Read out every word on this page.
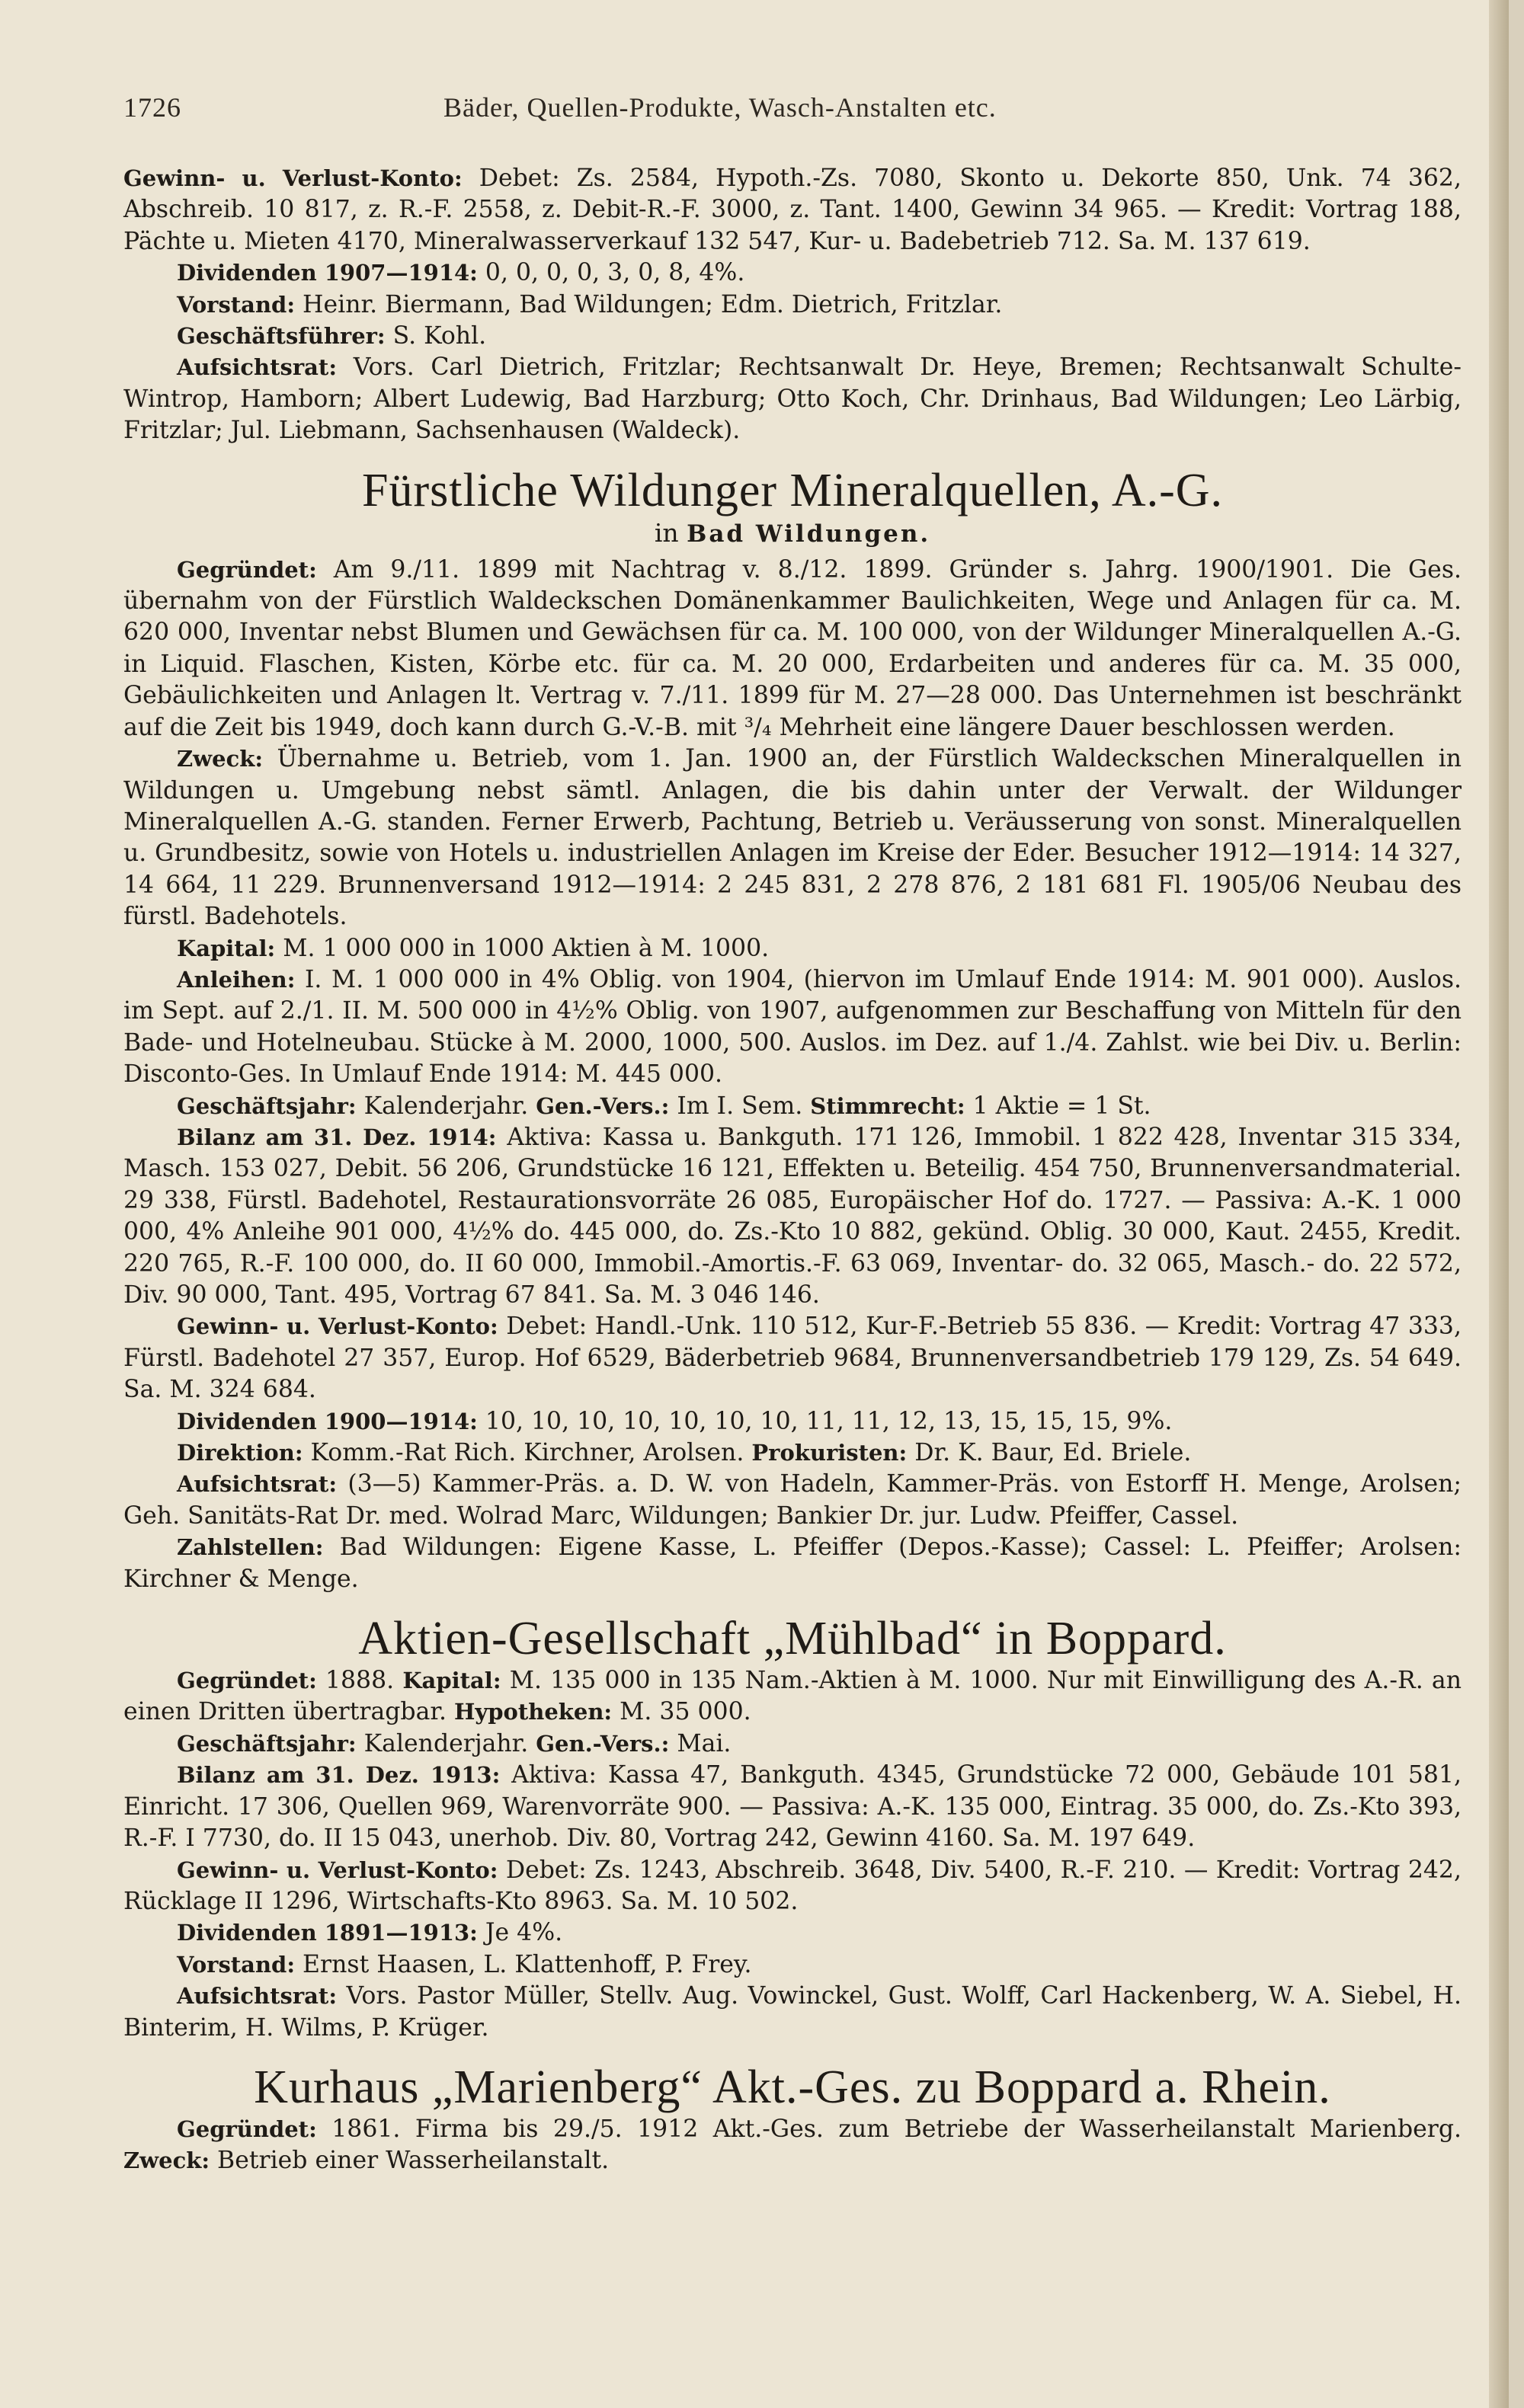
1726	Bäder, Quellen-Produkte, Wasch-Anstalten etc.

Gewinn- u. Verlust-Konto: Debet: Zs. 2584, Hypoth.-Zs. 7080, Skonto u. Dekorte 850, Unk. 74 362, Abschreib. 10 817, z. R.-F. 2558, z. Debit-R.-F. 3000, z. Tant. 1400, Gewinn 34 965. — Kredit: Vortrag 188, Pächte u. Mieten 4170, Mineralwasserverkauf 132 547, Kur- u. Badebetrieb 712. Sa. M. 137 619.

Dividenden 1907—1914: 0, 0, 0, 0, 3, 0, 8, 4%.

Vorstand: Heinr. Biermann, Bad Wildungen; Edm. Dietrich, Fritzlar.

Geschäftsführer: S. Kohl.

Aufsichtsrat: Vors. Carl Dietrich, Fritzlar; Rechtsanwalt Dr. Heye, Bremen; Rechtsanwalt Schulte-Wintrop, Hamborn; Albert Ludewig, Bad Harzburg; Otto Koch, Chr. Drinhaus, Bad Wildungen; Leo Lärbig, Fritzlar; Jul. Liebmann, Sachsenhausen (Waldeck).

Fürstliche Wildunger Mineralquellen, A.-G.
in Bad Wildungen.

Gegründet: Am 9./11. 1899 mit Nachtrag v. 8./12. 1899. Gründer s. Jahrg. 1900/1901. Die Ges. übernahm von der Fürstlich Waldeckschen Domänenkammer Baulichkeiten, Wege und Anlagen für ca. M. 620 000, Inventar nebst Blumen und Gewächsen für ca. M. 100 000, von der Wildunger Mineralquellen A.-G. in Liquid. Flaschen, Kisten, Körbe etc. für ca. M. 20 000, Erdarbeiten und anderes für ca. M. 35 000, Gebäulichkeiten und Anlagen lt. Vertrag v. 7./11. 1899 für M. 27—28 000. Das Unternehmen ist beschränkt auf die Zeit bis 1949, doch kann durch G.-V.-B. mit ³/₄ Mehrheit eine längere Dauer beschlossen werden.

Zweck: Übernahme u. Betrieb, vom 1. Jan. 1900 an, der Fürstlich Waldeckschen Mineralquellen in Wildungen u. Umgebung nebst sämtl. Anlagen, die bis dahin unter der Verwalt. der Wildunger Mineralquellen A.-G. standen. Ferner Erwerb, Pachtung, Betrieb u. Veräusserung von sonst. Mineralquellen u. Grundbesitz, sowie von Hotels u. industriellen Anlagen im Kreise der Eder. Besucher 1912—1914: 14 327, 14 664, 11 229. Brunnenversand 1912—1914: 2 245 831, 2 278 876, 2 181 681 Fl. 1905/06 Neubau des fürstl. Badehotels.

Kapital: M. 1 000 000 in 1000 Aktien à M. 1000.

Anleihen: I. M. 1 000 000 in 4% Oblig. von 1904, (hiervon im Umlauf Ende 1914: M. 901 000). Auslos. im Sept. auf 2./1. II. M. 500 000 in 4½% Oblig. von 1907, aufgenommen zur Beschaffung von Mitteln für den Bade- und Hotelneubau. Stücke à M. 2000, 1000, 500. Auslos. im Dez. auf 1./4. Zahlst. wie bei Div. u. Berlin: Disconto-Ges. In Umlauf Ende 1914: M. 445 000.

Geschäftsjahr: Kalenderjahr. Gen.-Vers.: Im I. Sem. Stimmrecht: 1 Aktie = 1 St.

Bilanz am 31. Dez. 1914: Aktiva: Kassa u. Bankguth. 171 126, Immobil. 1 822 428, Inventar 315 334, Masch. 153 027, Debit. 56 206, Grundstücke 16 121, Effekten u. Beteilig. 454 750, Brunnenversandmaterial. 29 338, Fürstl. Badehotel, Restaurationsvorräte 26 085, Europäischer Hof do. 1727. — Passiva: A.-K. 1 000 000, 4% Anleihe 901 000, 4½% do. 445 000, do. Zs.-Kto 10 882, gekünd. Oblig. 30 000, Kaut. 2455, Kredit. 220 765, R.-F. 100 000, do. II 60 000, Immobil.-Amortis.-F. 63 069, Inventar- do. 32 065, Masch.- do. 22 572, Div. 90 000, Tant. 495, Vortrag 67 841. Sa. M. 3 046 146.

Gewinn- u. Verlust-Konto: Debet: Handl.-Unk. 110 512, Kur-F.-Betrieb 55 836. — Kredit: Vortrag 47 333, Fürstl. Badehotel 27 357, Europ. Hof 6529, Bäderbetrieb 9684, Brunnenversandbetrieb 179 129, Zs. 54 649. Sa. M. 324 684.

Dividenden 1900—1914: 10, 10, 10, 10, 10, 10, 10, 11, 11, 12, 13, 15, 15, 15, 9%.

Direktion: Komm.-Rat Rich. Kirchner, Arolsen. Prokuristen: Dr. K. Baur, Ed. Briele.

Aufsichtsrat: (3—5) Kammer-Präs. a. D. W. von Hadeln, Kammer-Präs. von Estorff H. Menge, Arolsen; Geh. Sanitäts-Rat Dr. med. Wolrad Marc, Wildungen; Bankier Dr. jur. Ludw. Pfeiffer, Cassel.

Zahlstellen: Bad Wildungen: Eigene Kasse, L. Pfeiffer (Depos.-Kasse); Cassel: L. Pfeiffer; Arolsen: Kirchner & Menge.

Aktien-Gesellschaft „Mühlbad“ in Boppard.

Gegründet: 1888. Kapital: M. 135 000 in 135 Nam.-Aktien à M. 1000. Nur mit Einwilligung des A.-R. an einen Dritten übertragbar. Hypotheken: M. 35 000.

Geschäftsjahr: Kalenderjahr. Gen.-Vers.: Mai.

Bilanz am 31. Dez. 1913: Aktiva: Kassa 47, Bankguth. 4345, Grundstücke 72 000, Gebäude 101 581, Einricht. 17 306, Quellen 969, Warenvorräte 900. — Passiva: A.-K. 135 000, Eintrag. 35 000, do. Zs.-Kto 393, R.-F. I 7730, do. II 15 043, unerhob. Div. 80, Vortrag 242, Gewinn 4160. Sa. M. 197 649.

Gewinn- u. Verlust-Konto: Debet: Zs. 1243, Abschreib. 3648, Div. 5400, R.-F. 210. — Kredit: Vortrag 242, Rücklage II 1296, Wirtschafts-Kto 8963. Sa. M. 10 502.

Dividenden 1891—1913: Je 4%.

Vorstand: Ernst Haasen, L. Klattenhoff, P. Frey.

Aufsichtsrat: Vors. Pastor Müller, Stellv. Aug. Vowinckel, Gust. Wolff, Carl Hackenberg, W. A. Siebel, H. Binterim, H. Wilms, P. Krüger.

Kurhaus „Marienberg“ Akt.-Ges. zu Boppard a. Rhein.

Gegründet: 1861. Firma bis 29./5. 1912 Akt.-Ges. zum Betriebe der Wasserheilanstalt Marienberg. Zweck: Betrieb einer Wasserheilanstalt.
